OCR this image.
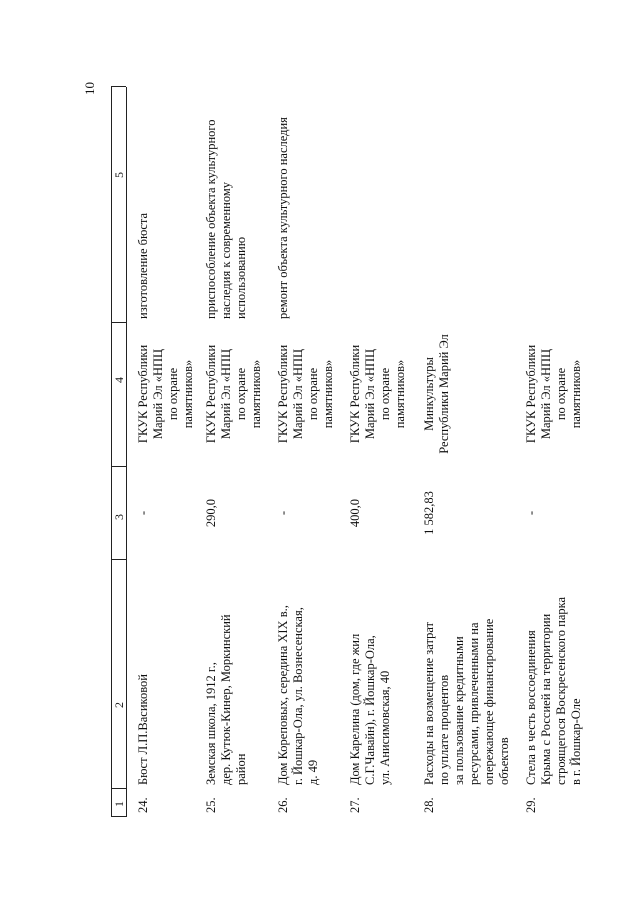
10
1
2
3
4
5
24.
Бюст Л.П.Васиковой
-
ГКУК Республики
Марий Эл «НПЦ
по охране
памятников»
изготовление бюста
25.
Земская школа, 1912 г.,
дер. Кутюк-Кинер, Моркинский
район
290,0
ГКУК Республики
Марий Эл «НПЦ
по охране
памятников»
приспособление объекта культурного
наследия к современному
использованию
26.
Дом Кореповых, середина XIX в.,
г. Йошкар-Ола, ул. Вознесенская,
д. 49
-
ГКУК Республики
Марий Эл «НПЦ
по охране
памятников»
ремонт объекта культурного наследия
27.
Дом Карелина (дом, где жил
С.Г.Чавайн), г. Йошкар-Ола,
ул. Анисимовская, 40
400,0
ГКУК Республики
Марий Эл «НПЦ
по охране
памятников»
28.
Расходы на возмещение затрат
по уплате процентов
за пользование кредитными
ресурсами, привлеченными на
опережающее финансирование
объектов
1 582,83
Минкультуры
Республики Марий Эл
29.
Стела в честь воссоединения
Крыма с Россией на территории
строящегося Воскресенского парка
в г. Йошкар-Оле
-
ГКУК Республики
Марий Эл «НПЦ
по охране
памятников»
